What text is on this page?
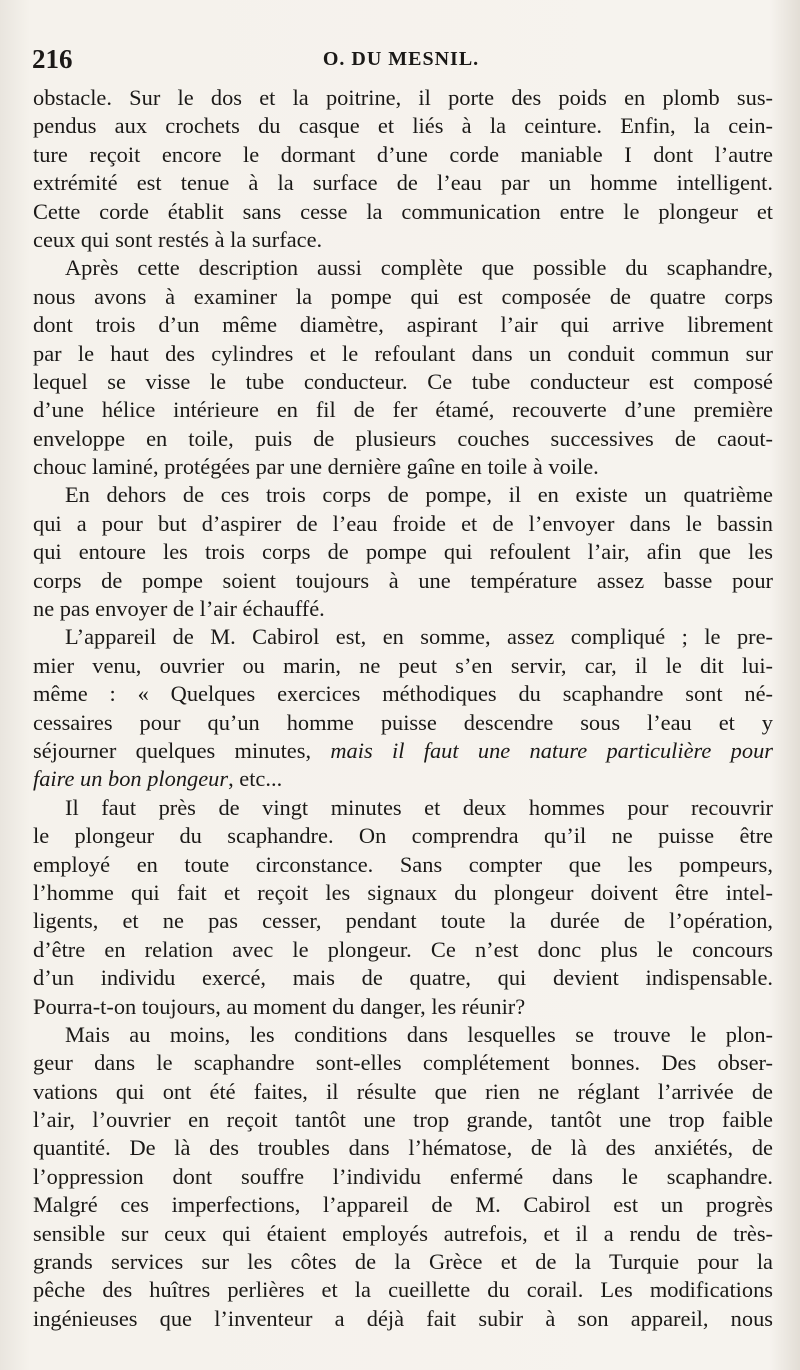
216	O. DU MESNIL.
obstacle. Sur le dos et la poitrine, il porte des poids en plomb sus-
pendus aux crochets du casque et liés à la ceinture. Enfin, la cein-
ture reçoit encore le dormant d’une corde maniable I dont l’autre
extrémité est tenue à la surface de l’eau par un homme intelligent.
Cette corde établit sans cesse la communication entre le plongeur et
ceux qui sont restés à la surface.
Après cette description aussi complète que possible du scaphandre,
nous avons à examiner la pompe qui est composée de quatre corps
dont trois d’un même diamètre, aspirant l’air qui arrive librement
par le haut des cylindres et le refoulant dans un conduit commun sur
lequel se visse le tube conducteur. Ce tube conducteur est composé
d’une hélice intérieure en fil de fer étamé, recouverte d’une première
enveloppe en toile, puis de plusieurs couches successives de caout-
chouc laminé, protégées par une dernière gaîne en toile à voile.
En dehors de ces trois corps de pompe, il en existe un quatrième
qui a pour but d’aspirer de l’eau froide et de l’envoyer dans le bassin
qui entoure les trois corps de pompe qui refoulent l’air, afin que les
corps de pompe soient toujours à une température assez basse pour
ne pas envoyer de l’air échauffé.
L’appareil de M. Cabirol est, en somme, assez compliqué ; le pre-
mier venu, ouvrier ou marin, ne peut s’en servir, car, il le dit lui-
même : « Quelques exercices méthodiques du scaphandre sont né-
cessaires pour qu’un homme puisse descendre sous l’eau et y
séjourner quelques minutes, mais il faut une nature particulière pour
faire un bon plongeur, etc...
Il faut près de vingt minutes et deux hommes pour recouvrir
le plongeur du scaphandre. On comprendra qu’il ne puisse être
employé en toute circonstance. Sans compter que les pompeurs,
l’homme qui fait et reçoit les signaux du plongeur doivent être intel-
ligents, et ne pas cesser, pendant toute la durée de l’opération,
d’être en relation avec le plongeur. Ce n’est donc plus le concours
d’un individu exercé, mais de quatre, qui devient indispensable.
Pourra-t-on toujours, au moment du danger, les réunir?
Mais au moins, les conditions dans lesquelles se trouve le plon-
geur dans le scaphandre sont-elles complétement bonnes. Des obser-
vations qui ont été faites, il résulte que rien ne réglant l’arrivée de
l’air, l’ouvrier en reçoit tantôt une trop grande, tantôt une trop faible
quantité. De là des troubles dans l’hématose, de là des anxiétés, de
l’oppression dont souffre l’individu enfermé dans le scaphandre.
Malgré ces imperfections, l’appareil de M. Cabirol est un progrès
sensible sur ceux qui étaient employés autrefois, et il a rendu de très-
grands services sur les côtes de la Grèce et de la Turquie pour la
pêche des huîtres perlières et la cueillette du corail. Les modifications
ingénieuses que l’inventeur a déjà fait subir à son appareil, nous
